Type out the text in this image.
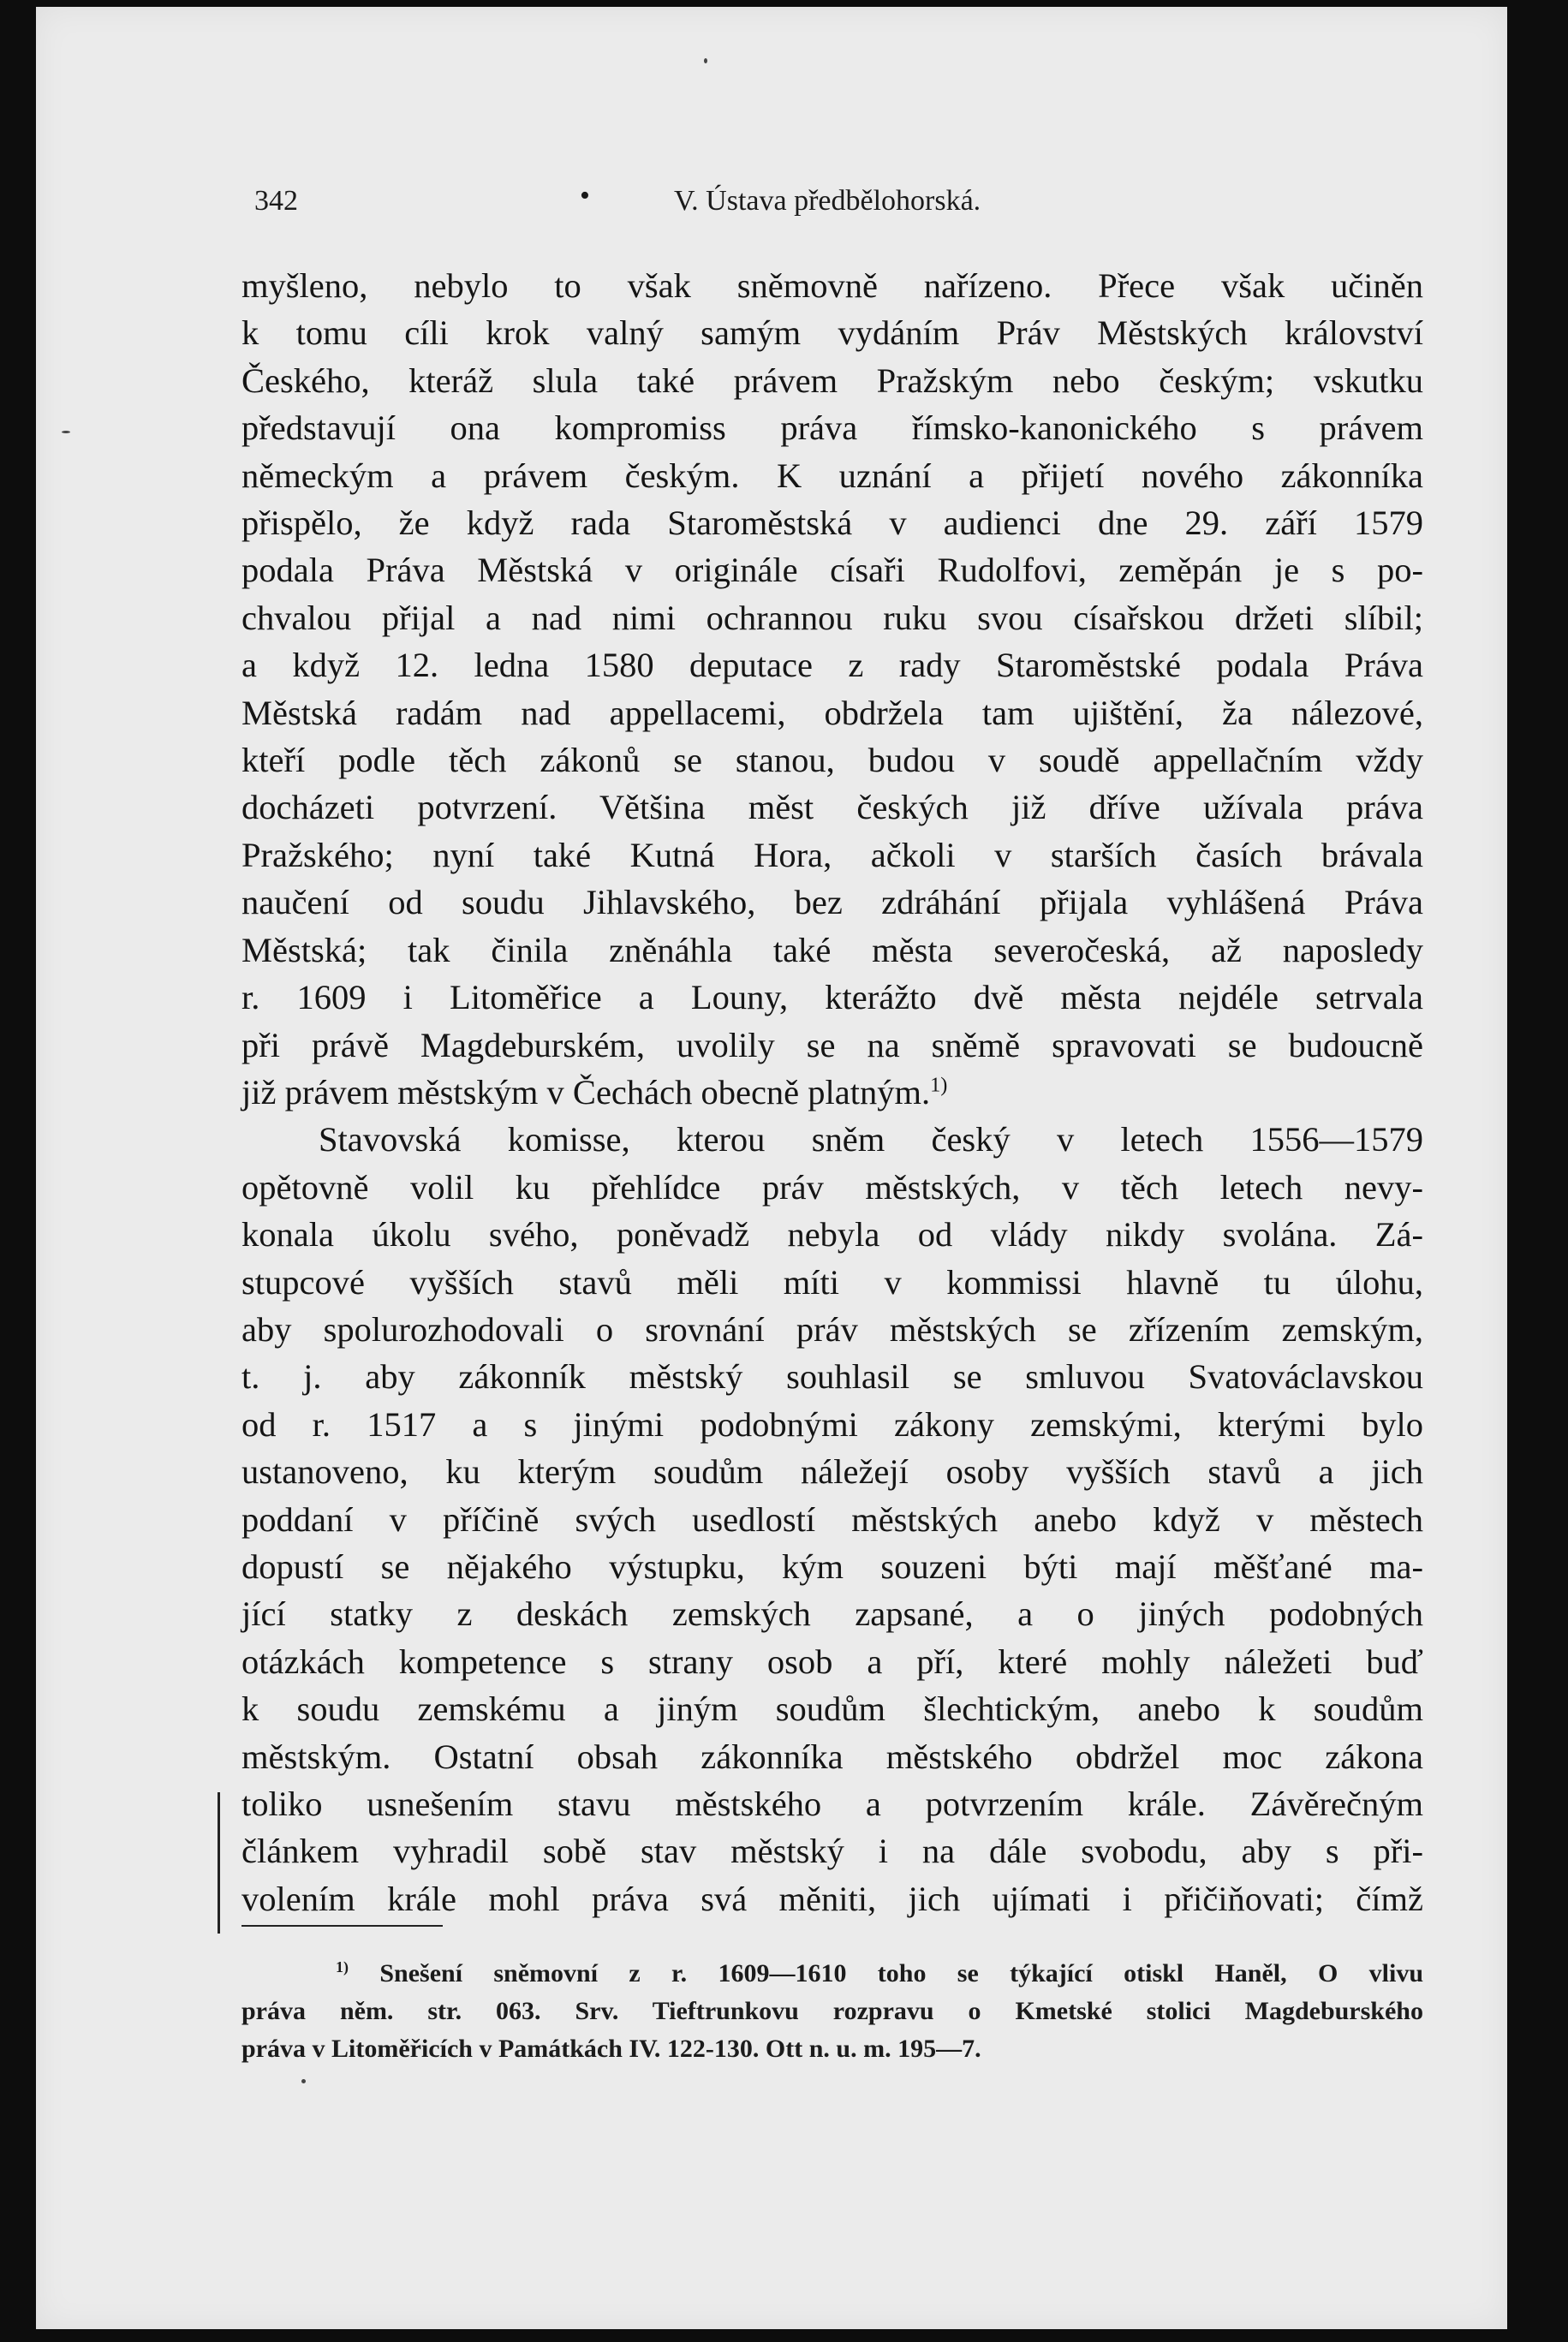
342	•	V. Ústava předbělohorská.
myšleno, nebylo to však sněmovně nařízeno. Přece však učiněn
k tomu cíli krok valný samým vydáním Práv Městských království
Českého, kteráž slula také právem Pražským nebo českým; vskutku
představují ona kompromiss práva římsko-kanonického s právem
německým a právem českým. K uznání a přijetí nového zákonníka
přispělo, že když rada Staroměstská v audienci dne 29. září 1579
podala Práva Městská v originále císaři Rudolfovi, zeměpán je s po-
chvalou přijal a nad nimi ochrannou ruku svou císařskou držeti slíbil;
a když 12. ledna 1580 deputace z rady Staroměstské podala Práva
Městská radám nad appellacemi, obdržela tam ujištění, ža nálezové,
kteří podle těch zákonů se stanou, budou v soudě appellačním vždy
docházeti potvrzení. Většina měst českých již dříve užívala práva
Pražského; nyní také Kutná Hora, ačkoli v starších časích brávala
naučení od soudu Jihlavského, bez zdráhání přijala vyhlášená Práva
Městská; tak činila zněnáhla také města severočeská, až naposledy
r. 1609 i Litoměřice a Louny, kterážto dvě města nejdéle setrvala
při právě Magdeburském, uvolily se na sněmě spravovati se budoucně
již právem městským v Čechách obecně platným.$^{1)}$
Stavovská komisse, kterou sněm český v letech 1556—1579
opětovně volil ku přehlídce práv městských, v těch letech nevy-
konala úkolu svého, poněvadž nebyla od vlády nikdy svolána. Zá-
stupcové vyšších stavů měli míti v kommissi hlavně tu úlohu,
aby spolurozhodovali o srovnání práv městských se zřízením zemským,
t. j. aby zákonník městský souhlasil se smluvou Svatováclavskou
od r. 1517 a s jinými podobnými zákony zemskými, kterými bylo
ustanoveno, ku kterým soudům náležejí osoby vyšších stavů a jich
poddaní v příčině svých usedlostí městských anebo když v městech
dopustí se nějakého výstupku, kým souzeni býti mají měšťané ma-
jící statky z deskách zemských zapsané, a o jiných podobných
otázkách kompetence s strany osob a pří, které mohly náležeti buď
k soudu zemskému a jiným soudům šlechtickým, anebo k soudům
městským. Ostatní obsah zákonníka městského obdržel moc zákona
toliko usnešením stavu městského a potvrzením krále. Závěrečným
článkem vyhradil sobě stav městský i na dále svobodu, aby s při-
volením krále mohl práva svá měniti, jich ujímati i přičiňovati; čímž
$^{1)}$ Snešení sněmovní z r. 1609—1610 toho se týkající otiskl Haněl, O vlivu
práva něm. str. 063. Srv. Tieftrunkovu rozpravu o Kmetské stolici Magdeburského
práva v Litoměřicích v Památkách IV. 122-130. Ott n. u. m. 195—7.
